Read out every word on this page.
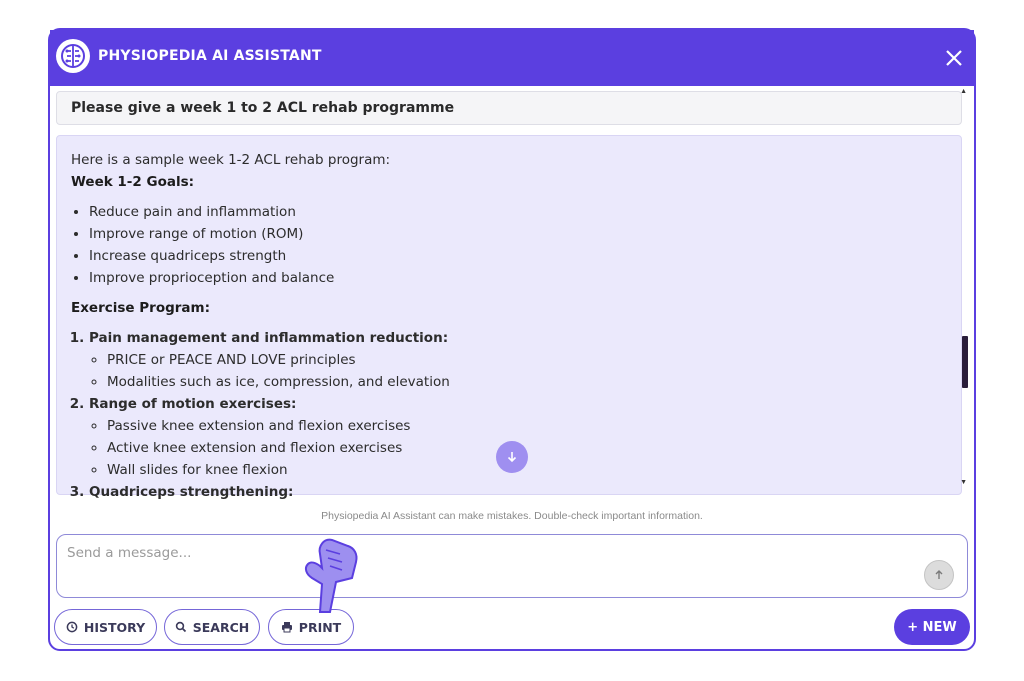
PHYSIOPEDIA AI ASSISTANT
Please give a week 1 to 2 ACL rehab programme
Here is a sample week 1-2 ACL rehab program:
Week 1-2 Goals:
• Reduce pain and inflammation
• Improve range of motion (ROM)
• Increase quadriceps strength
• Improve proprioception and balance
Exercise Program:
1. Pain management and inflammation reduction:
◦ PRICE or PEACE AND LOVE principles
◦ Modalities such as ice, compression, and elevation
2. Range of motion exercises:
◦ Passive knee extension and flexion exercises
◦ Active knee extension and flexion exercises
◦ Wall slides for knee flexion
3. Quadriceps strengthening:
▲
▼
Physiopedia AI Assistant can make mistakes. Double-check important information.
Send a message...
HISTORY	SEARCH	PRINT	+ NEW
